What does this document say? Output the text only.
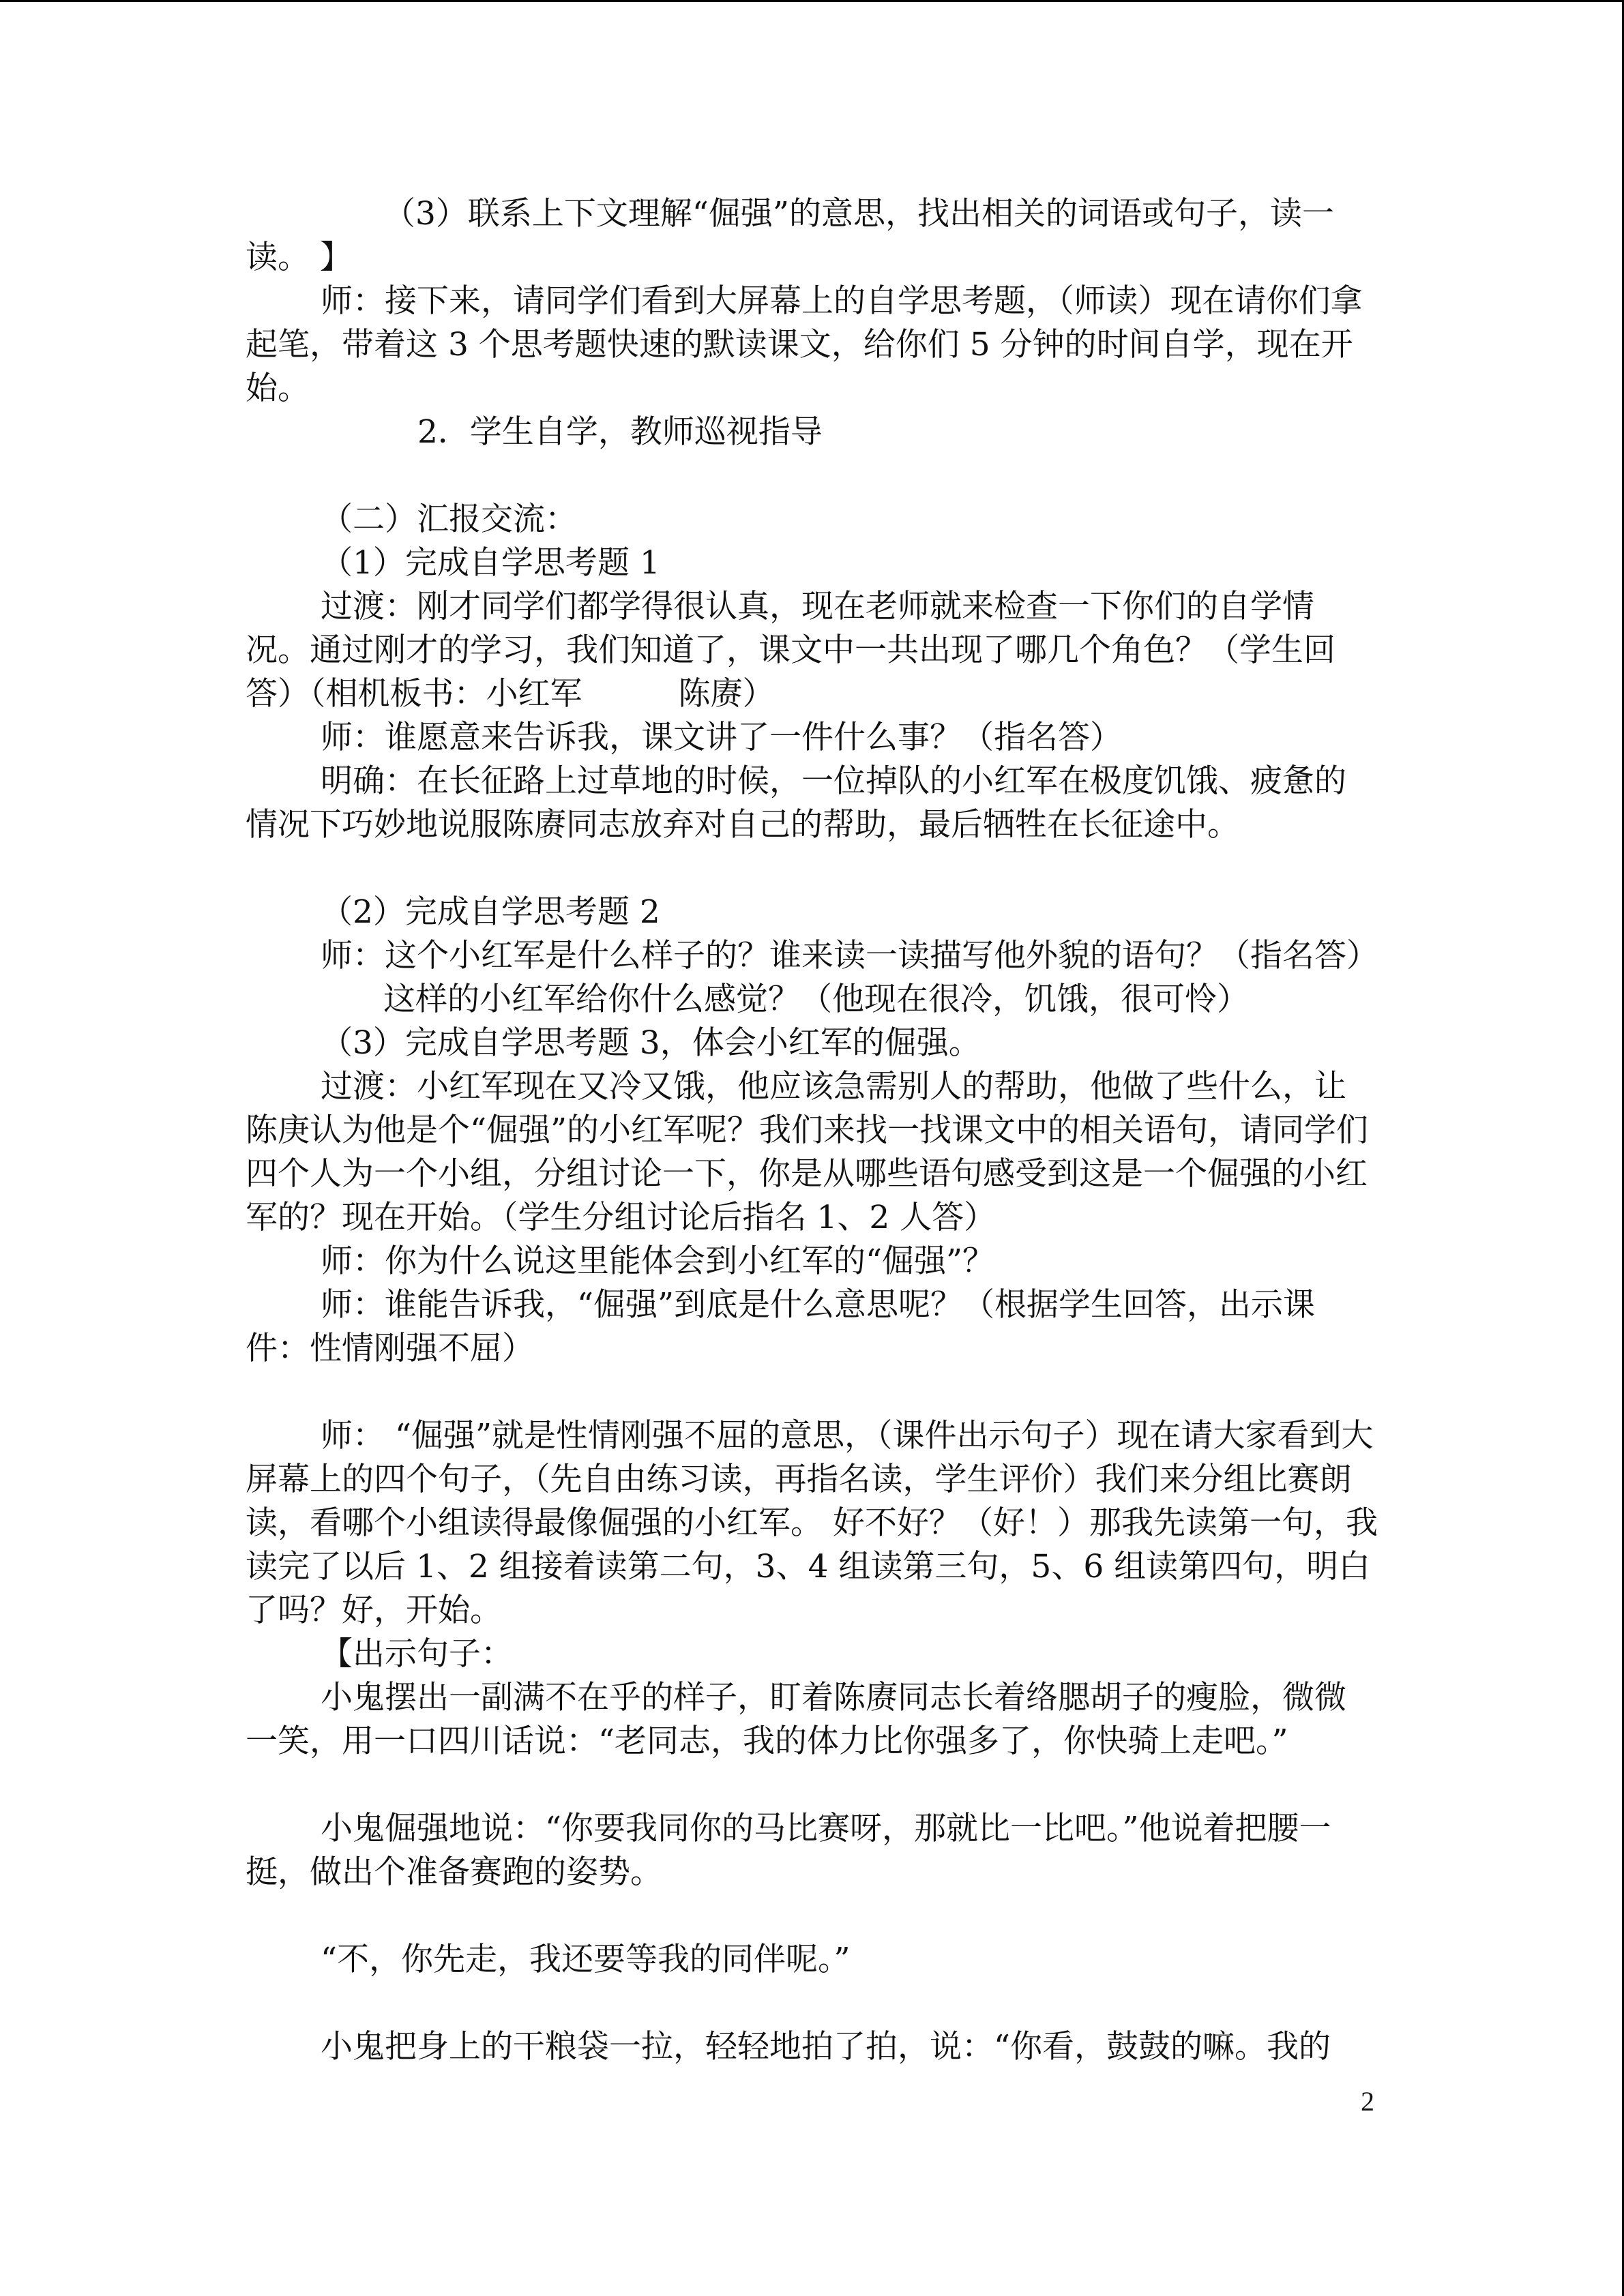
（3）联系上下文理解“倔强”的意思，找出相关的词语或句子，读一读。 】

师：接下来，请同学们看到大屏幕上的自学思考题，（师读）现在请你们拿起笔，带着这 3 个思考题快速的默读课文，给你们 5 分钟的时间自学，现在开始。

2．学生自学，教师巡视指导

（二）汇报交流：

（1）完成自学思考题 1

过渡：刚才同学们都学得很认真，现在老师就来检查一下你们的自学情况。通过刚才的学习，我们知道了，课文中一共出现了哪几个角色？（学生回答）（相机板书：小红军　　　陈赓）

师：谁愿意来告诉我，课文讲了一件什么事？（指名答）

明确：在长征路上过草地的时候，一位掉队的小红军在极度饥饿、疲惫的情况下巧妙地说服陈赓同志放弃对自己的帮助，最后牺牲在长征途中。

（2）完成自学思考题 2

师：这个小红军是什么样子的？谁来读一读描写他外貌的语句？（指名答）

这样的小红军给你什么感觉？（他现在很冷，饥饿，很可怜）

（3）完成自学思考题 3，体会小红军的倔强。

过渡：小红军现在又冷又饿，他应该急需别人的帮助，他做了些什么，让陈庚认为他是个“倔强”的小红军呢？我们来找一找课文中的相关语句，请同学们四个人为一个小组，分组讨论一下，你是从哪些语句感受到这是一个倔强的小红军的？现在开始。（学生分组讨论后指名 1、2 人答）

师：你为什么说这里能体会到小红军的“倔强”？

师：谁能告诉我，“倔强”到底是什么意思呢？（根据学生回答，出示课件：性情刚强不屈）

师： “倔强”就是性情刚强不屈的意思，（课件出示句子）现在请大家看到大屏幕上的四个句子，（先自由练习读，再指名读，学生评价）我们来分组比赛朗读，看哪个小组读得最像倔强的小红军。 好不好？（好！）那我先读第一句，我读完了以后 1、2 组接着读第二句，3、4 组读第三句，5、6 组读第四句，明白了吗？好，开始。

【出示句子：

小鬼摆出一副满不在乎的样子，盯着陈赓同志长着络腮胡子的瘦脸，微微一笑，用一口四川话说：“老同志，我的体力比你强多了，你快骑上走吧。”

小鬼倔强地说：“你要我同你的马比赛呀，那就比一比吧。”他说着把腰一挺，做出个准备赛跑的姿势。

“不，你先走，我还要等我的同伴呢。”

小鬼把身上的干粮袋一拉，轻轻地拍了拍，说：“你看，鼓鼓的嘛。我的

2
